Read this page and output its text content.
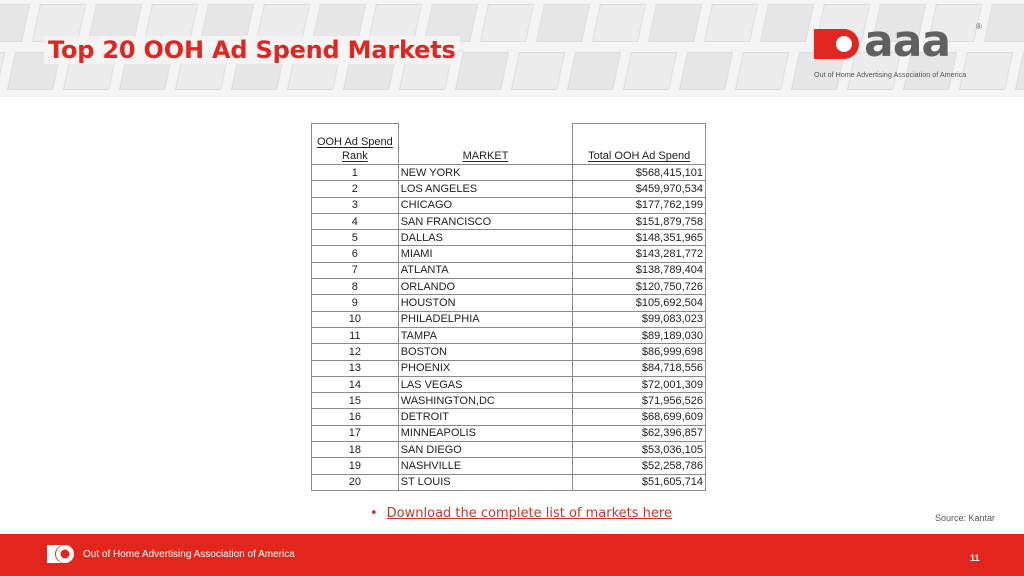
Top 20 OOH Ad Spend Markets	aaa	®
Out of Home Advertising Association of America
OOH Ad Spend
Rank	MARKET	Total OOH Ad Spend
1	NEW YORK	$568,415,101
2	LOS ANGELES	$459,970,534
3	CHICAGO	$177,762,199
4	SAN FRANCISCO	$151,879,758
5	DALLAS	$148,351,965
6	MIAMI	$143,281,772
7	ATLANTA	$138,789,404
8	ORLANDO	$120,750,726
9	HOUSTON	$105,692,504
10	PHILADELPHIA	$99,083,023
11	TAMPA	$89,189,030
12	BOSTON	$86,999,698
13	PHOENIX	$84,718,556
14	LAS VEGAS	$72,001,309
15	WASHINGTON,DC	$71,956,526
16	DETROIT	$68,699,609
17	MINNEAPOLIS	$62,396,857
18	SAN DIEGO	$53,036,105
19	NASHVILLE	$52,258,786
20	ST LOUIS	$51,605,714
• Download the complete list of markets here	Source: Kantar
Out of Home Advertising Association of America	11
